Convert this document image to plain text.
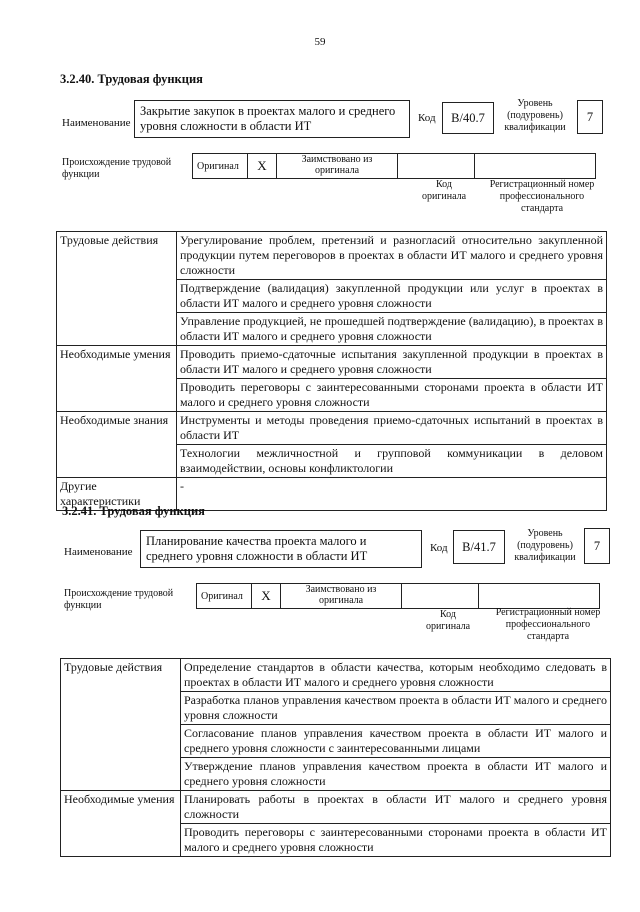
59
3.2.40. Трудовая функция
Наименование
Закрытие закупок в проектах малого и среднего
уровня сложности в области ИТ
Код	B/40.7
Уровень
(подуровень)
квалификации
7
Происхождение трудовой
функции
Оригинал	X	Заимствовано из
оригинала

Код
оригинала
Регистрационный номер
профессионального
стандарта
Трудовые действия	Урегулирование проблем, претензий и разногласий относительно закупленной продукции путем переговоров в проектах в области ИТ малого и среднего уровня сложности
	Подтверждение (валидация) закупленной продукции или услуг в проектах в области ИТ малого и среднего уровня сложности
	Управление продукцией, не прошедшей подтверждение (валидацию), в проектах в области ИТ малого и среднего уровня сложности
Необходимые умения	Проводить приемо-сдаточные испытания закупленной продукции в проектах в области ИТ малого и среднего уровня сложности
	Проводить переговоры с заинтересованными сторонами проекта в области ИТ малого и среднего уровня сложности
Необходимые знания	Инструменты и методы проведения приемо-сдаточных испытаний в проектах в области ИТ
	Технологии межличностной и групповой коммуникации в деловом взаимодействии, основы конфликтологии
Другие характеристики	-
3.2.41. Трудовая функция
Наименование
Планирование качества проекта малого и
среднего уровня сложности в области ИТ
Код	B/41.7
Уровень
(подуровень)
квалификации
7
Происхождение трудовой
функции
Оригинал	X	Заимствовано из
оригинала

Код
оригинала
Регистрационный номер
профессионального
стандарта
Трудовые действия	Определение стандартов в области качества, которым необходимо следовать в проектах в области ИТ малого и среднего уровня сложности
	Разработка планов управления качеством проекта в области ИТ малого и среднего уровня сложности
	Согласование планов управления качеством проекта в области ИТ малого и среднего уровня сложности с заинтересованными лицами
	Утверждение планов управления качеством проекта в области ИТ малого и среднего уровня сложности
Необходимые умения	Планировать работы в проектах в области ИТ малого и среднего уровня сложности
	Проводить переговоры с заинтересованными сторонами проекта в области ИТ малого и среднего уровня сложности
